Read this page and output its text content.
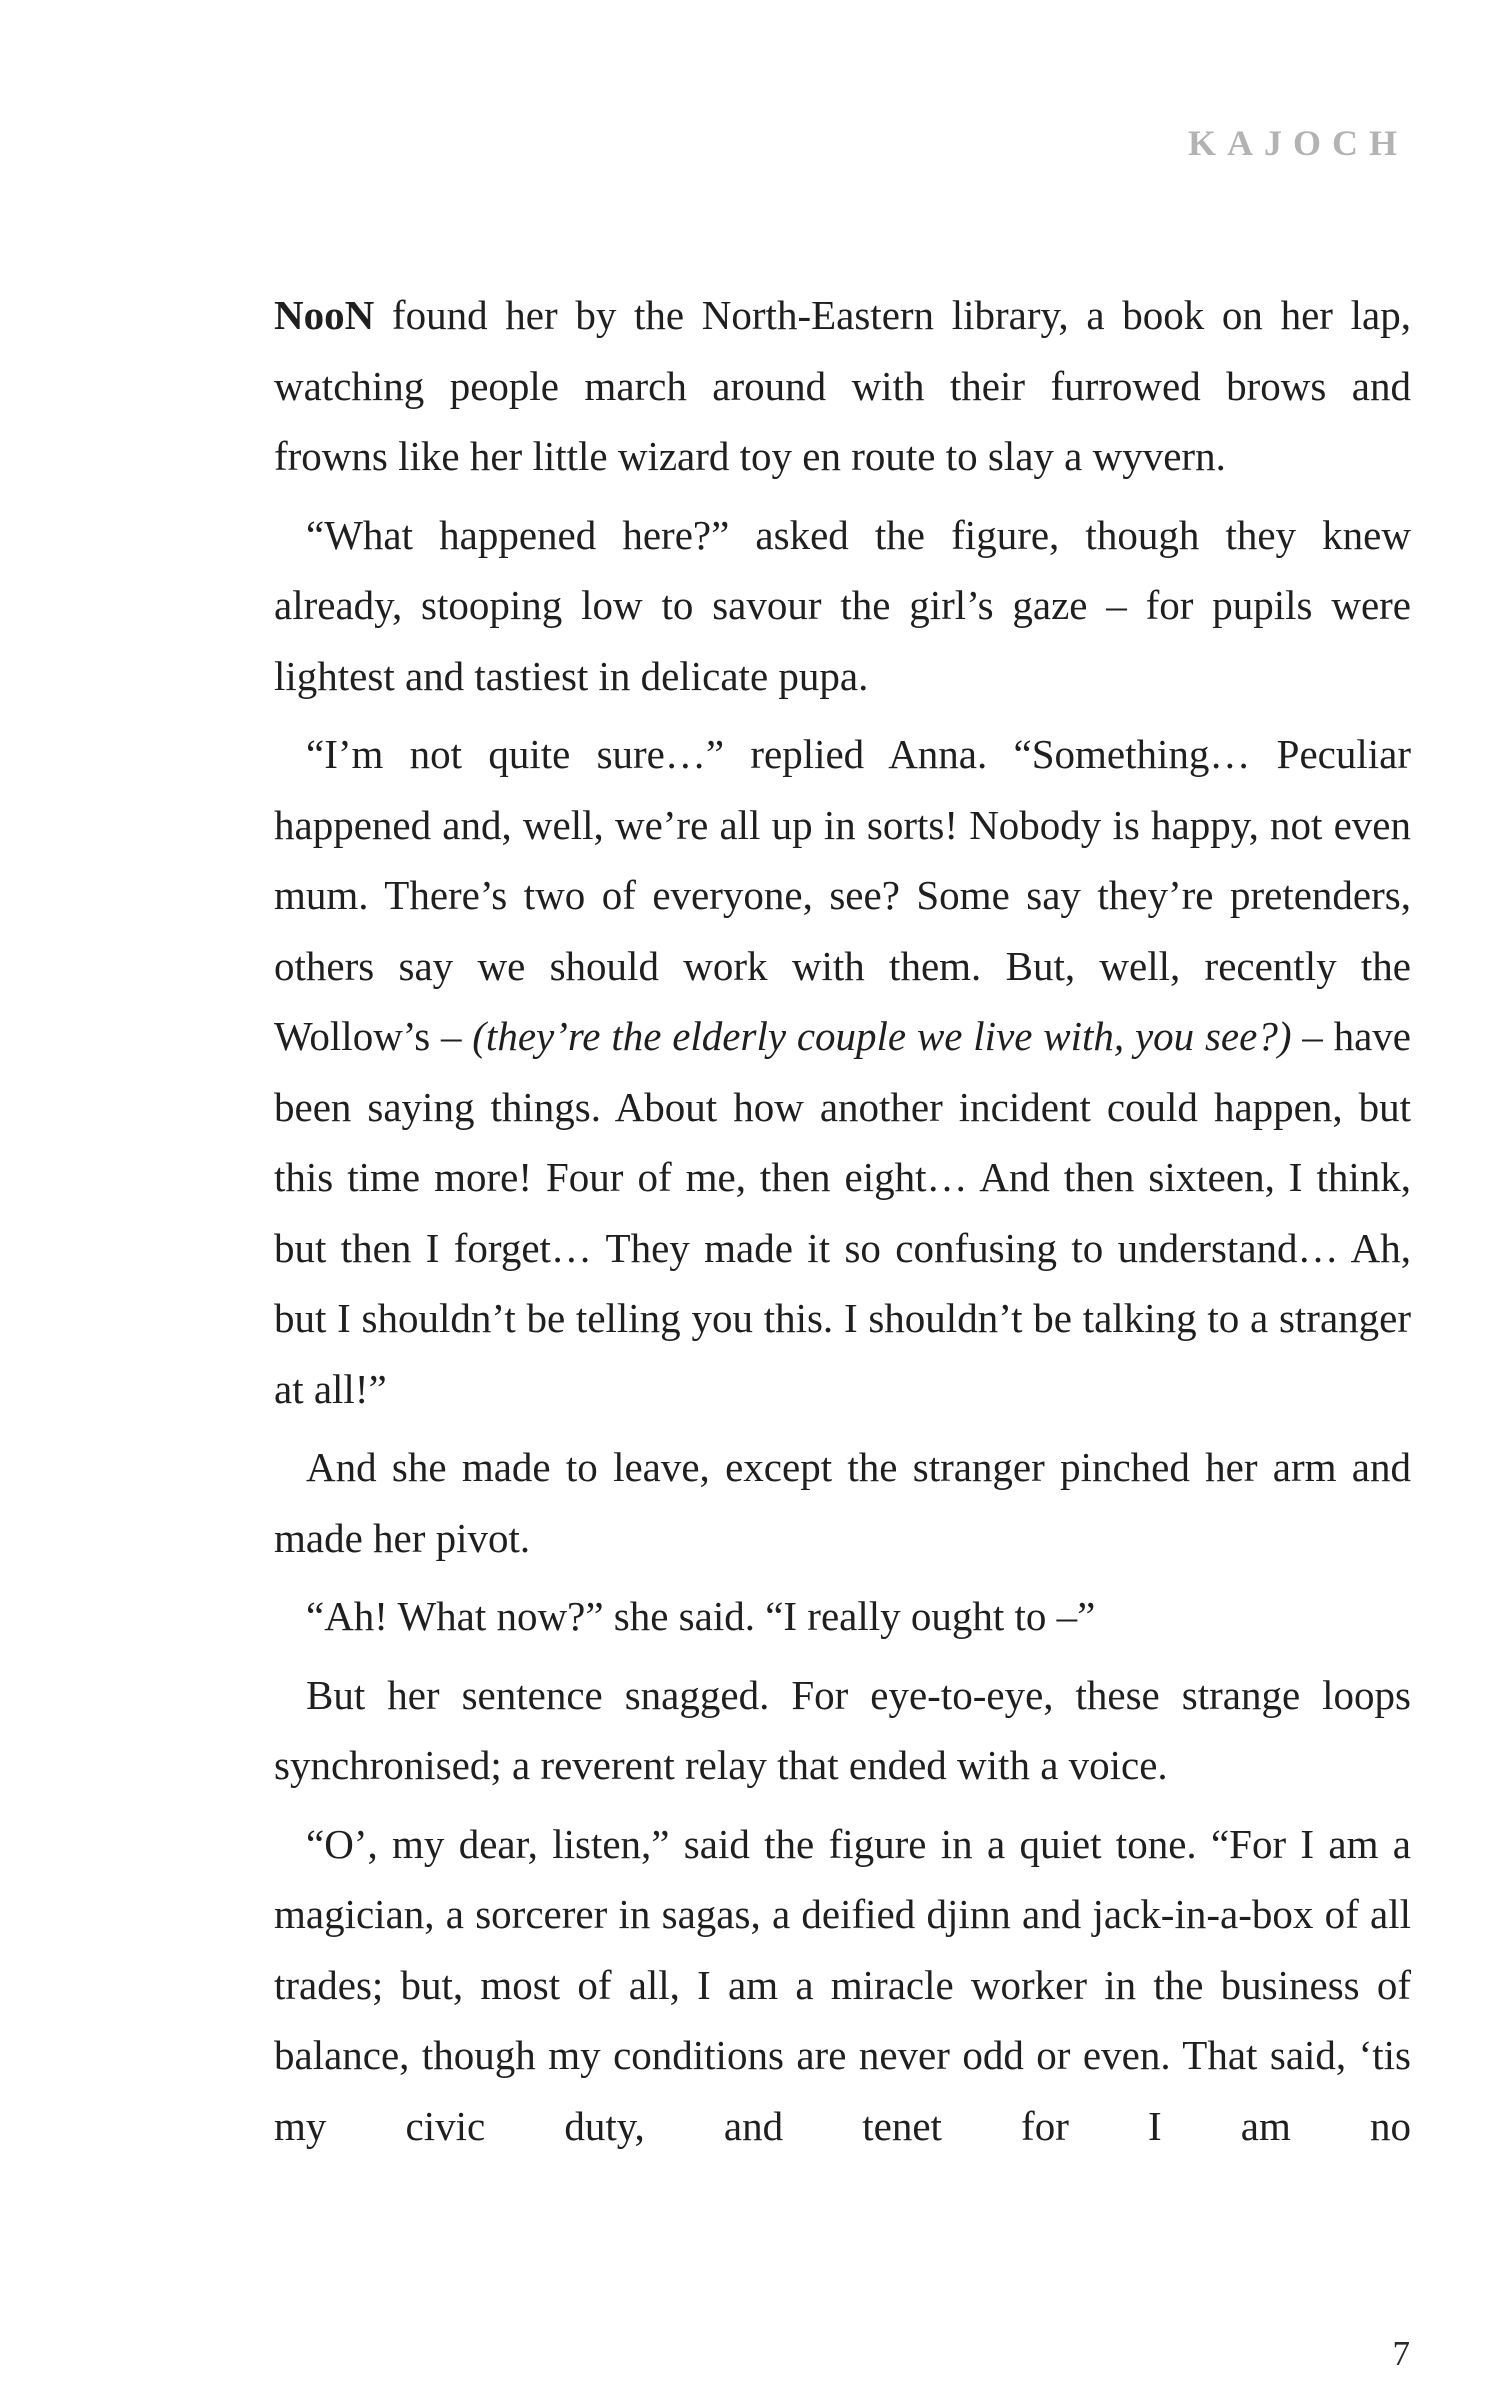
KAJOCH

NooN found her by the North-Eastern library, a book on her lap, watching people march around with their furrowed brows and frowns like her little wizard toy en route to slay a wyvern.

“What happened here?” asked the figure, though they knew already, stooping low to savour the girl’s gaze – for pupils were lightest and tastiest in delicate pupa.

“I’m not quite sure…” replied Anna. “Something… Peculiar happened and, well, we’re all up in sorts! Nobody is happy, not even mum. There’s two of everyone, see? Some say they’re pretenders, others say we should work with them. But, well, recently the Wollow’s – (they’re the elderly couple we live with, you see?) – have been saying things. About how another incident could happen, but this time more! Four of me, then eight… And then sixteen, I think, but then I forget… They made it so confusing to understand… Ah, but I shouldn’t be telling you this. I shouldn’t be talking to a stranger at all!”

And she made to leave, except the stranger pinched her arm and made her pivot.

“Ah! What now?” she said. “I really ought to –”

But her sentence snagged. For eye-to-eye, these strange loops synchronised; a reverent relay that ended with a voice.

“O’, my dear, listen,” said the figure in a quiet tone. “For I am a magician, a sorcerer in sagas, a deified djinn and jack-in-a-box of all trades; but, most of all, I am a miracle worker in the business of balance, though my conditions are never odd or even. That said, ‘tis my civic duty, and tenet for I am no

7
